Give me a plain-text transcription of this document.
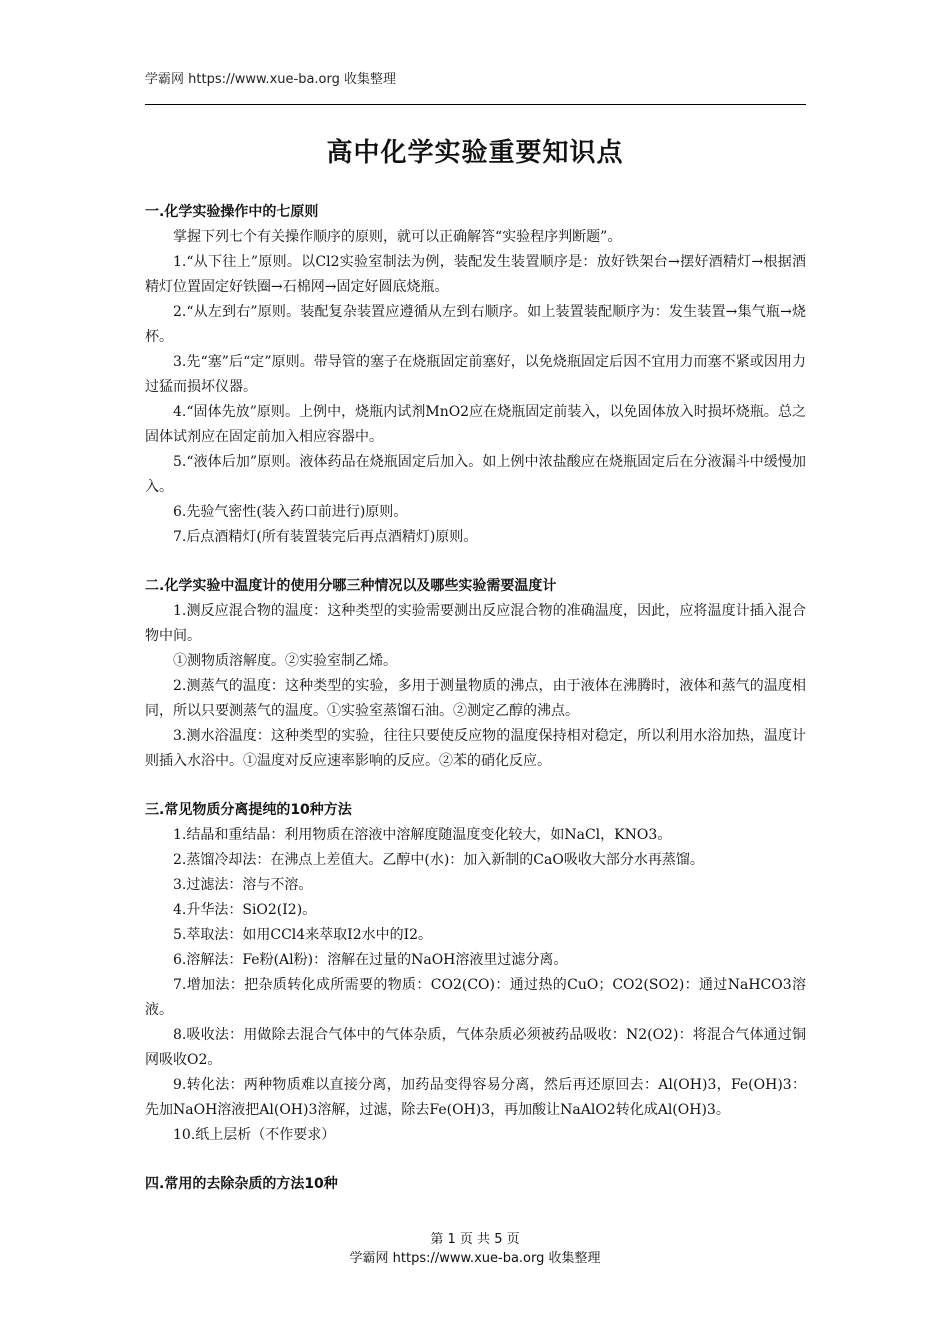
学霸网 https://www.xue-ba.org 收集整理
高中化学实验重要知识点

一.化学实验操作中的七原则

掌握下列七个有关操作顺序的原则，就可以正确解答“实验程序判断题”。

1.“从下往上”原则。以Cl2实验室制法为例，装配发生装置顺序是：放好铁架台→摆好酒精灯→根据酒精灯位置固定好铁圈→石棉网→固定好圆底烧瓶。

2.“从左到右”原则。装配复杂装置应遵循从左到右顺序。如上装置装配顺序为：发生装置→集气瓶→烧杯。

3.先“塞”后“定”原则。带导管的塞子在烧瓶固定前塞好，以免烧瓶固定后因不宜用力而塞不紧或因用力过猛而损坏仪器。

4.“固体先放”原则。上例中，烧瓶内试剂MnO2应在烧瓶固定前装入，以免固体放入时损坏烧瓶。总之固体试剂应在固定前加入相应容器中。

5.“液体后加”原则。液体药品在烧瓶固定后加入。如上例中浓盐酸应在烧瓶固定后在分液漏斗中缓慢加入。

6.先验气密性(装入药口前进行)原则。

7.后点酒精灯(所有装置装完后再点酒精灯)原则。

二.化学实验中温度计的使用分哪三种情况以及哪些实验需要温度计

1.测反应混合物的温度：这种类型的实验需要测出反应混合物的准确温度，因此，应将温度计插入混合物中间。

①测物质溶解度。②实验室制乙烯。

2.测蒸气的温度：这种类型的实验，多用于测量物质的沸点，由于液体在沸腾时，液体和蒸气的温度相同，所以只要测蒸气的温度。①实验室蒸馏石油。②测定乙醇的沸点。

3.测水浴温度：这种类型的实验，往往只要使反应物的温度保持相对稳定，所以利用水浴加热，温度计则插入水浴中。①温度对反应速率影响的反应。②苯的硝化反应。

三.常见物质分离提纯的10种方法

1.结晶和重结晶：利用物质在溶液中溶解度随温度变化较大，如NaCl，KNO3。

2.蒸馏冷却法：在沸点上差值大。乙醇中(水)：加入新制的CaO吸收大部分水再蒸馏。

3.过滤法：溶与不溶。

4.升华法：SiO2(I2)。

5.萃取法：如用CCl4来萃取I2水中的I2。

6.溶解法：Fe粉(Al粉)：溶解在过量的NaOH溶液里过滤分离。

7.增加法：把杂质转化成所需要的物质：CO2(CO)：通过热的CuO；CO2(SO2)：通过NaHCO3溶液。

8.吸收法：用做除去混合气体中的气体杂质，气体杂质必须被药品吸收：N2(O2)：将混合气体通过铜网吸收O2。

9.转化法：两种物质难以直接分离，加药品变得容易分离，然后再还原回去：Al(OH)3，Fe(OH)3：先加NaOH溶液把Al(OH)3溶解，过滤，除去Fe(OH)3，再加酸让NaAlO2转化成Al(OH)3。

10.纸上层析（不作要求）

四.常用的去除杂质的方法10种

第 1 页 共 5 页
学霸网 https://www.xue-ba.org 收集整理
